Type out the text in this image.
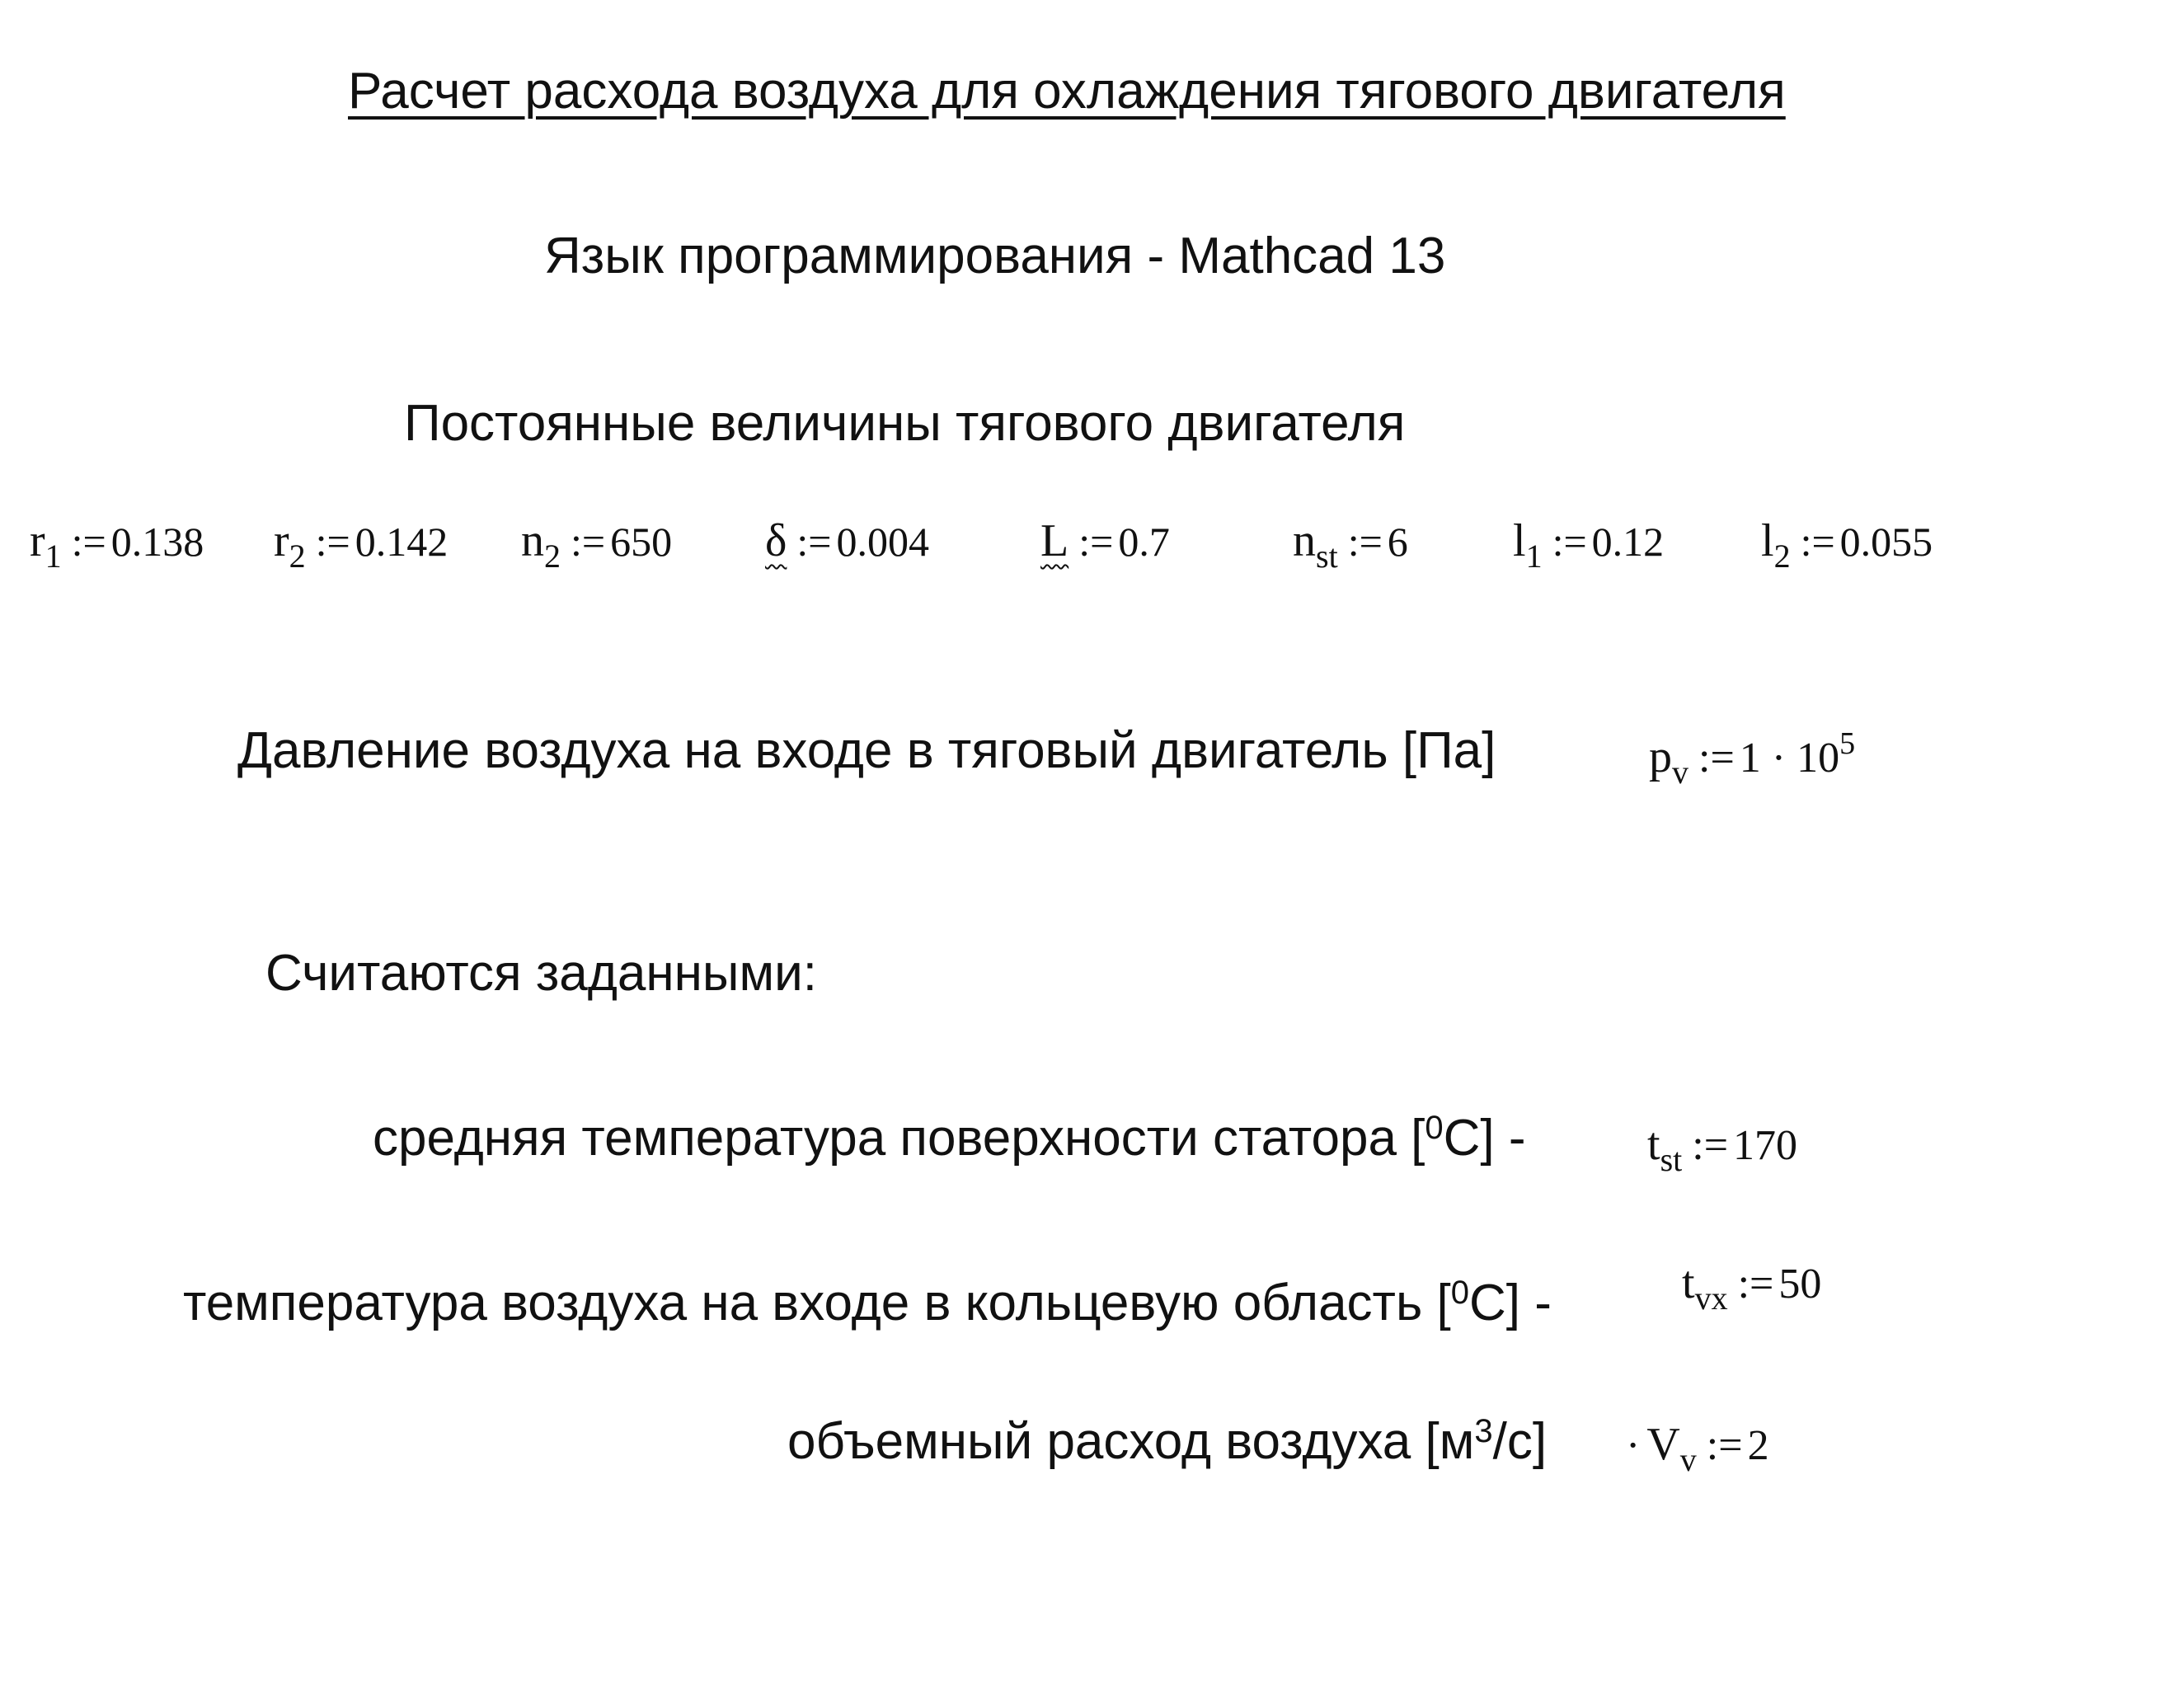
Расчет расхода воздуха для охлаждения тягового двигателя
Язык программирования - Mathcad 13
Постоянные величины тягового двигателя
$r_1$ := 0.138 $r_2$ := 0.142 $n_2$ := 650 δ := 0.004 L := 0.7	$n_{st}$ := 6 $l_1$ := 0.12 $l_2$ := 0.055
Давление воздуха на входе в тяговый двигатель [Па]	$p_v$ := $1 \cdot 10^5$
Считаются заданными:
средняя температура поверхности статора [$^0$C] -	$t_{st}$ := 170
температура воздуха на входе в кольцевую область [$^0$C] -	$t_{vx}$ := 50
объемный расход воздуха $[м^3/с] \cdot V_v$ := 2
